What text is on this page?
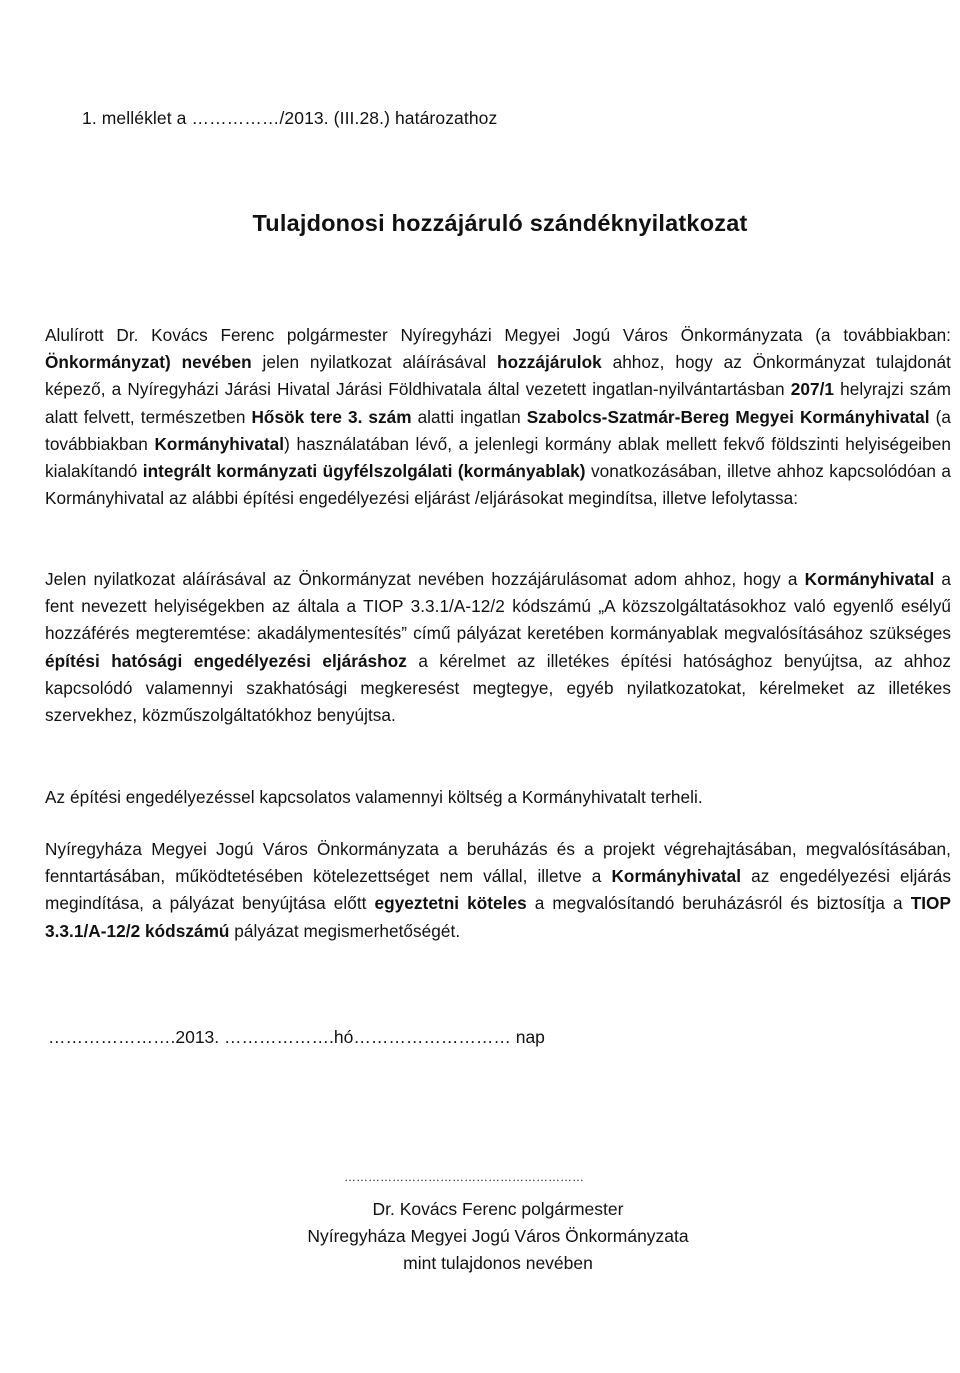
1. melléklet a ……………/2013. (III.28.) határozathoz
Tulajdonosi hozzájáruló szándéknyilatkozat
Alulírott Dr. Kovács Ferenc polgármester Nyíregyházi Megyei Jogú Város Önkormányzata (a továbbiakban: Önkormányzat) nevében jelen nyilatkozat aláírásával hozzájárulok ahhoz, hogy az Önkormányzat tulajdonát képező, a Nyíregyházi Járási Hivatal Járási Földhivatala által vezetett ingatlan-nyilvántartásban 207/1 helyrajzi szám alatt felvett, természetben Hősök tere 3. szám alatti ingatlan Szabolcs-Szatmár-Bereg Megyei Kormányhivatal (a továbbiakban Kormányhivatal) használatában lévő, a jelenlegi kormány ablak mellett fekvő földszinti helyiségeiben kialakítandó integrált kormányzati ügyfélszolgálati (kormányablak) vonatkozásában, illetve ahhoz kapcsolódóan a Kormányhivatal az alábbi építési engedélyezési eljárást /eljárásokat megindítsa, illetve lefolytassa:
Jelen nyilatkozat aláírásával az Önkormányzat nevében hozzájárulásomat adom ahhoz, hogy a Kormányhivatal a fent nevezett helyiségekben az általa a TIOP 3.3.1/A-12/2 kódszámú „A közszolgáltatásokhoz való egyenlő esélyű hozzáférés megteremtése: akadálymentesítés” című pályázat keretében kormányablak megvalósításához szükséges építési hatósági engedélyezési eljáráshoz a kérelmet az illetékes építési hatósághoz benyújtsa, az ahhoz kapcsolódó valamennyi szakhatósági megkeresést megtegye, egyéb nyilatkozatokat, kérelmeket az illetékes szervekhez, közműszolgáltatókhoz benyújtsa.
Az építési engedélyezéssel kapcsolatos valamennyi költség a Kormányhivatalt terheli.
Nyíregyháza Megyei Jogú Város Önkormányzata a beruházás és a projekt végrehajtásában, megvalósításában, fenntartásában, működtetésében kötelezettséget nem vállal, illetve a Kormányhivatal az engedélyezési eljárás megindítása, a pályázat benyújtása előtt egyeztetni köteles a megvalósítandó beruházásról és biztosítja a TIOP 3.3.1/A-12/2 kódszámú pályázat megismerhetőségét.
………………….2013. ……………….hó……………………… nap
……………………………………………………
Dr. Kovács Ferenc polgármester
Nyíregyháza Megyei Jogú Város Önkormányzata
mint tulajdonos nevében
